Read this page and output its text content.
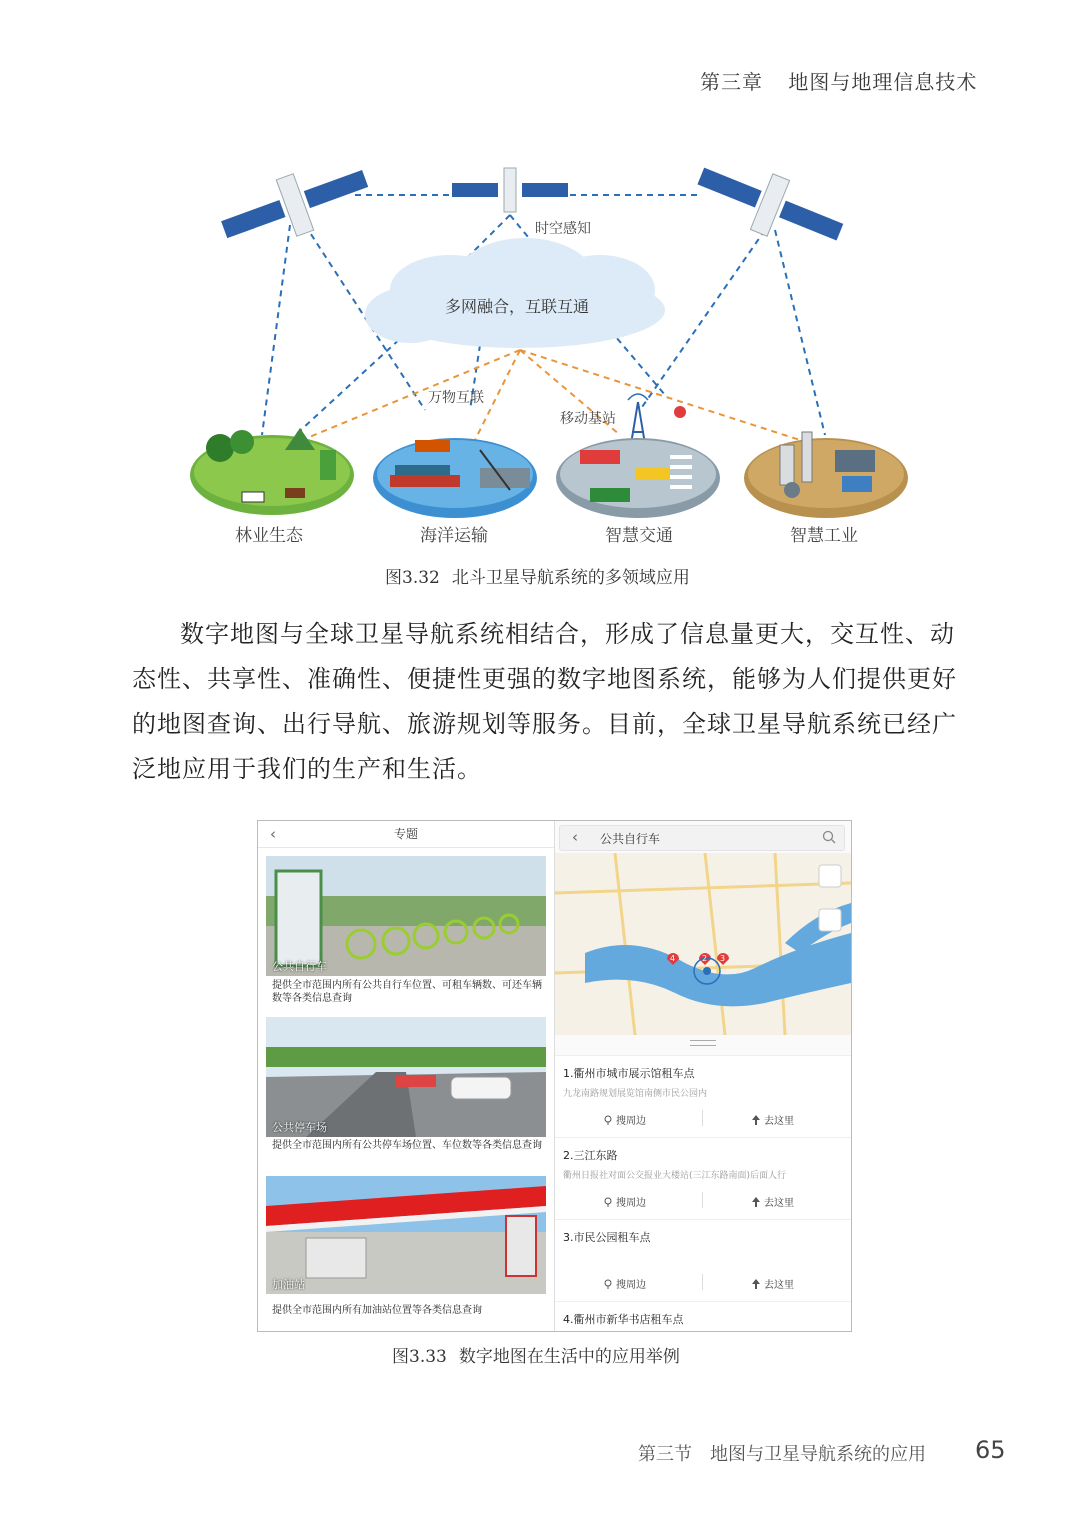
第三章 地图与地理信息技术
时空感知
多网融合，互联互通
万物互联
移动基站
林业生态	海洋运输	智慧交通	智慧工业
图3.32 北斗卫星导航系统的多领域应用

数字地图与全球卫星导航系统相结合，形成了信息量更大，交互性、动态性、共享性、准确性、便捷性更强的数字地图系统，能够为人们提供更好的地图查询、出行导航、旅游规划等服务。目前，全球卫星导航系统已经广泛地应用于我们的生产和生活。

专题
‹
公共自行车
提供全市范围内所有公共自行车位置、可租车辆数、可还车辆数等各类信息查询
公共停车场
提供全市范围内所有公共停车场位置、车位数等各类信息查询
加油站
提供全市范围内所有加油站位置等各类信息查询
‹	公共自行车
4	2 3
1.衢州市城市展示馆租车点
九龙南路规划展览馆南侧市民公园内
搜周边	去这里
2.三江东路
衢州日报社对面公交报业大楼站(三江东路南面)后面人行
搜周边	去这里
3.市民公园租车点
搜周边	去这里
4.衢州市新华书店租车点
图3.33 数字地图在生活中的应用举例
第三节 地图与卫星导航系统的应用 65
